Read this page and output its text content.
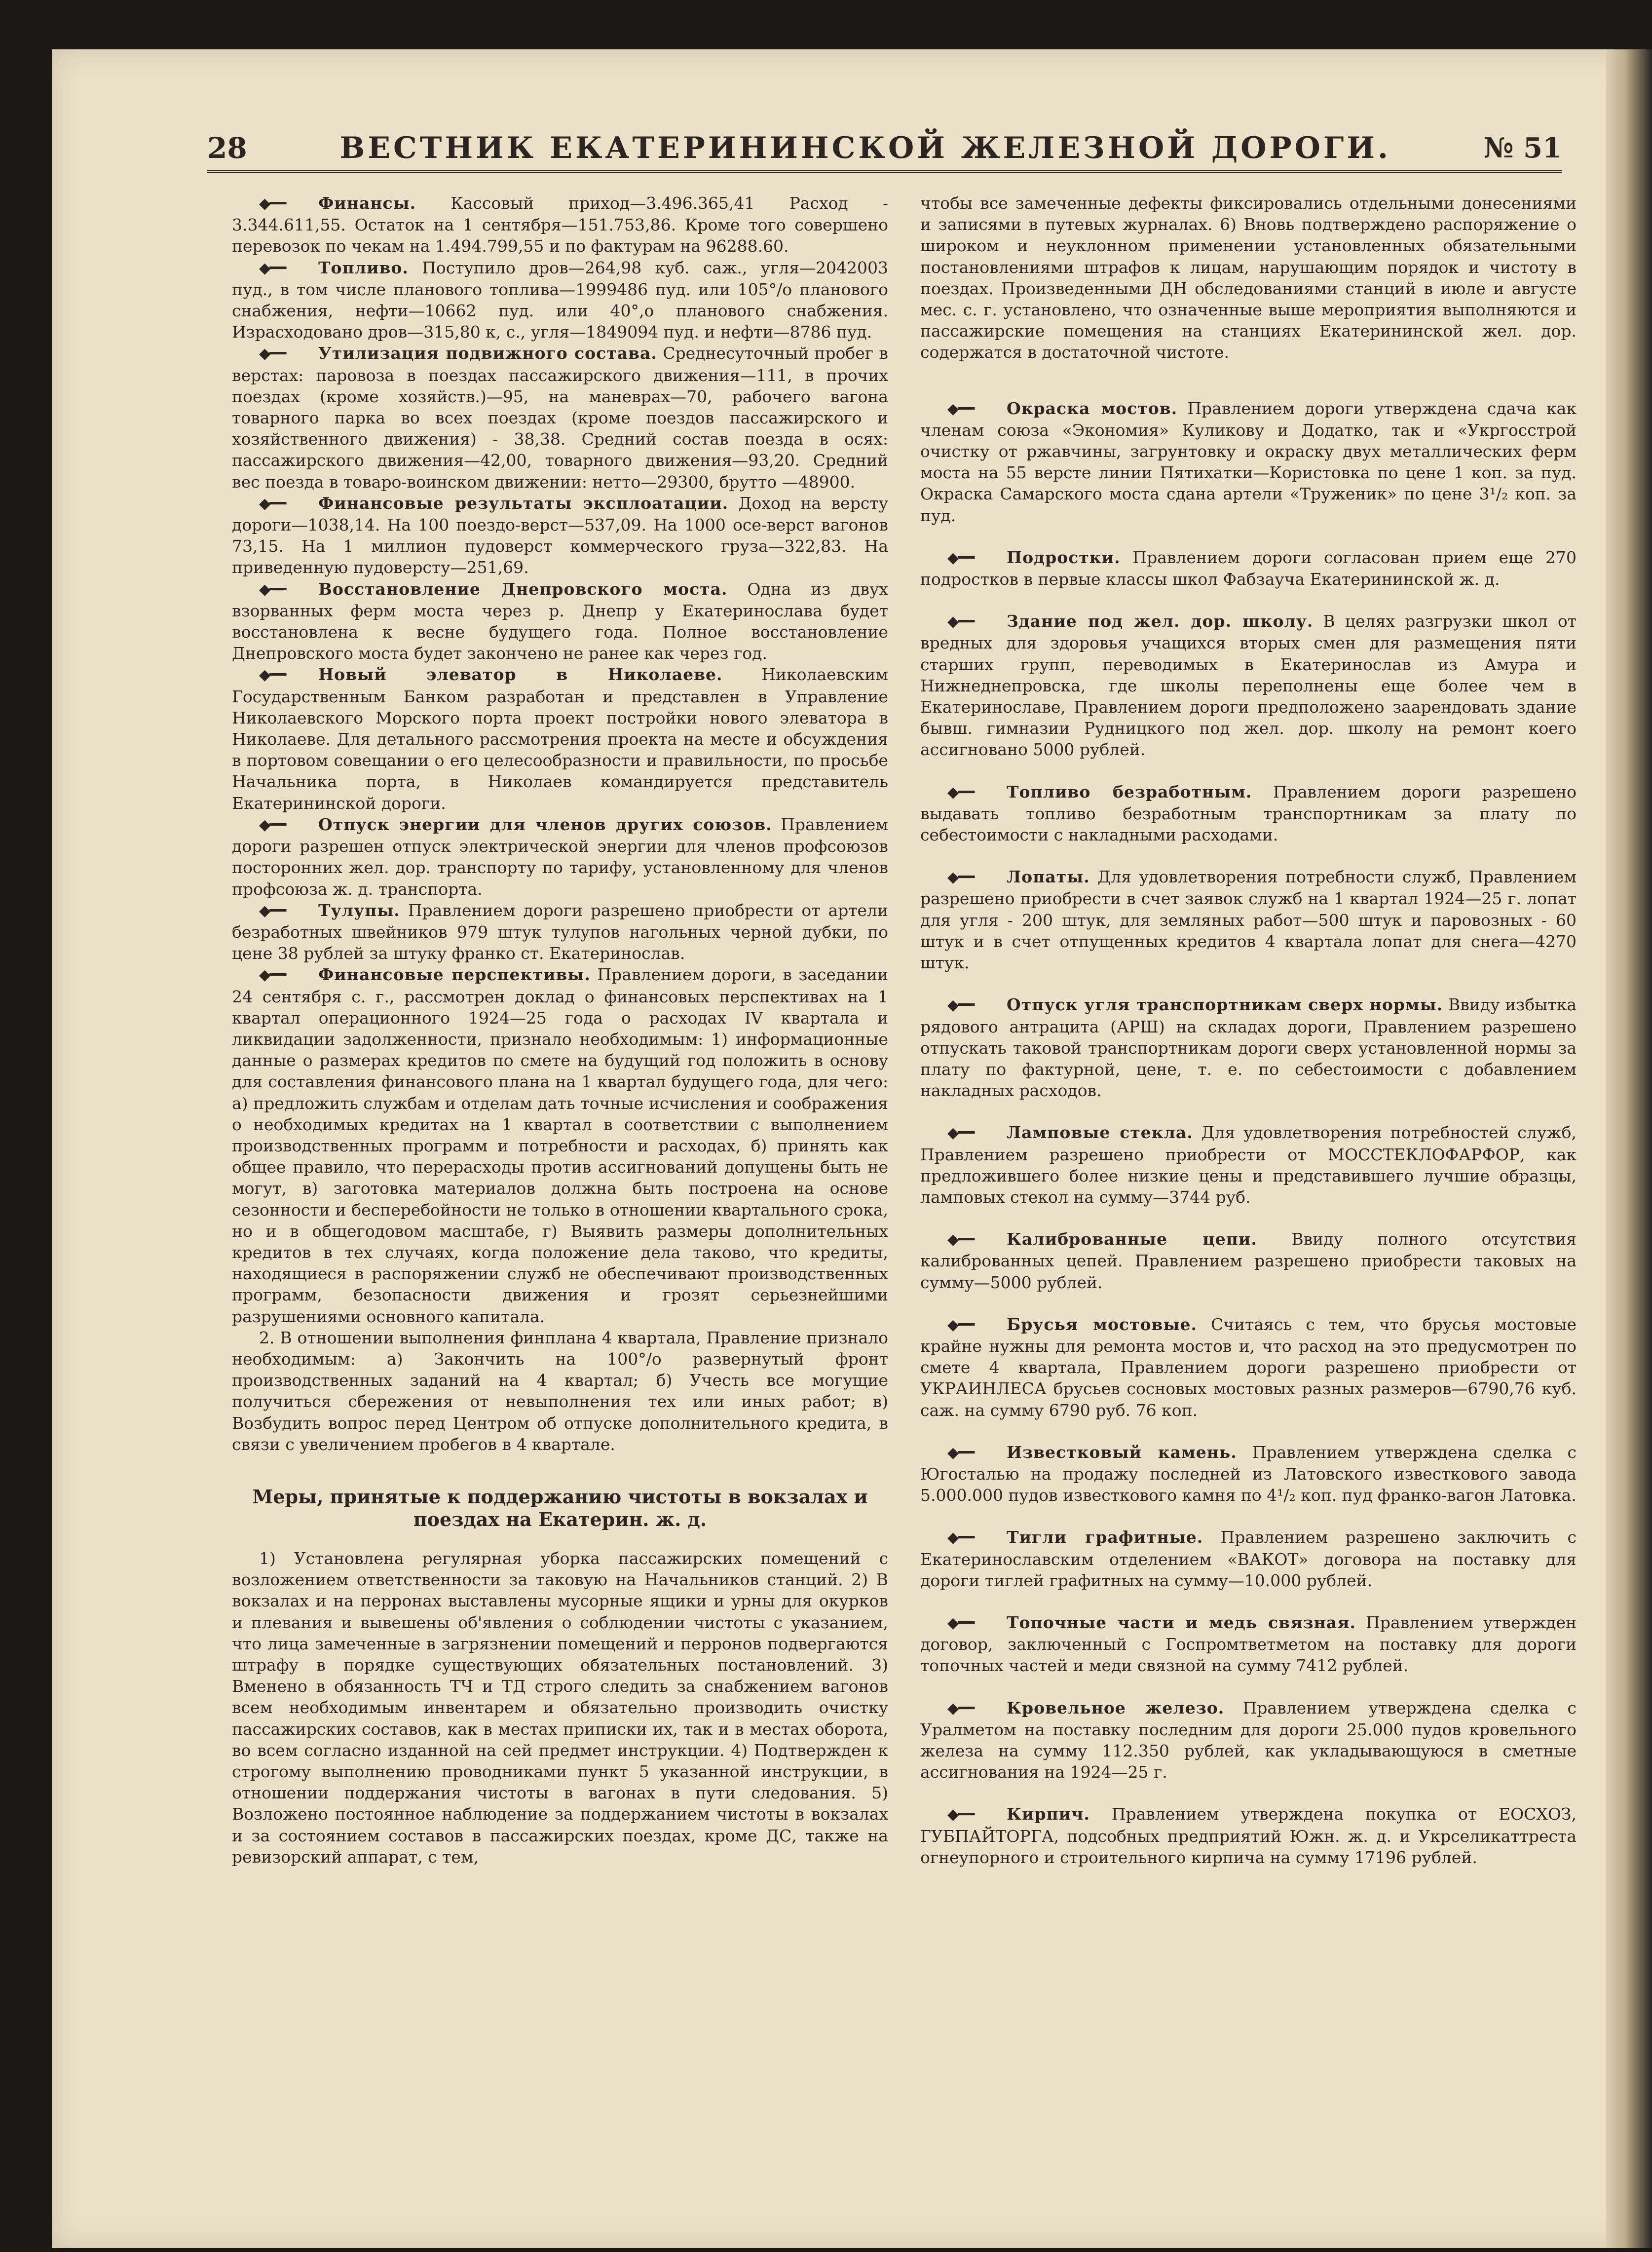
28	ВЕСТНИК ЕКАТЕРИНИНСКОЙ ЖЕЛЕЗНОЙ ДОРОГИ.	№ 51

◆━━ Финансы. Кассовый приход—3.496.365,41 Расход - 3.344.611,55. Остаток на 1 сентября—151.753,86. Кроме того совершено перевозок по чекам на 1.494.799,55 и по фактурам на 96288.60.

◆━━ Топливо. Поступило дров—264,98 куб. саж., угля—2042003 пуд., в том числе планового топлива—1999486 пуд. или 105°/о планового снабжения, нефти—10662 пуд. или 40°,о планового снабжения. Израсходовано дров—315,80 к, с., угля—1849094 пуд. и нефти—8786 пуд.

◆━━ Утилизация подвижного состава. Среднесуточный пробег в верстах: паровоза в поездах пассажирского движения—111, в прочих поездах (кроме хозяйств.)—95, на маневрах—70, рабочего вагона товарного парка во всех поездах (кроме поездов пассажирского и хозяйственного движения) - 38,38. Средний состав поезда в осях: пассажирского движения—42,00, товарного движения—93,20. Средний вес поезда в товаро-воинском движении: нетто—29300, брутто —48900.

◆━━ Финансовые результаты эксплоатации. Доход на версту дороги—1038,14. На 100 поездо-верст—537,09. На 1000 осе-верст вагонов 73,15. На 1 миллион пудоверст коммерческого груза—322,83. На приведенную пудоверсту—251,69.

◆━━ Восстановление Днепровского моста. Одна из двух взорванных ферм моста через р. Днепр у Екатеринослава будет восстановлена к весне будущего года. Полное восстановление Днепровского моста будет закончено не ранее как через год.

◆━━ Новый элеватор в Николаеве. Николаевским Государственным Банком разработан и представлен в Управление Николаевского Морского порта проект постройки нового элеватора в Николаеве. Для детального рассмотрения проекта на месте и обсуждения в портовом совещании о его целесообразности и правильности, по просьбе Начальника порта, в Николаев командируется представитель Екатерининской дороги.

◆━━ Отпуск энергии для членов других союзов. Правлением дороги разрешен отпуск электрической энергии для членов профсоюзов посторонних жел. дор. транспорту по тарифу, установленному для членов профсоюза ж. д. транспорта.

◆━━ Тулупы. Правлением дороги разрешено приобрести от артели безработных швейников 979 штук тулупов нагольных черной дубки, по цене 38 рублей за штуку франко ст. Екатеринослав.

◆━━ Финансовые перспективы. Правлением дороги, в заседании 24 сентября с. г., рассмотрен доклад о финансовых перспективах на 1 квартал операционного 1924—25 года о расходах IV квартала и ликвидации задолженности, признало необходимым: 1) информационные данные о размерах кредитов по смете на будущий год положить в основу для составления финансового плана на 1 квартал будущего года, для чего: а) предложить службам и отделам дать точные исчисления и соображения о необходимых кредитах на 1 квартал в соответствии с выполнением производственных программ и потребности и расходах, б) принять как общее правило, что перерасходы против ассигнований допущены быть не могут, в) заготовка материалов должна быть построена на основе сезонности и бесперебойности не только в отношении квартального срока, но и в общегодовом масштабе, г) Выявить размеры дополнительных кредитов в тех случаях, когда положение дела таково, что кредиты, находящиеся в распоряжении служб не обеспечивают производственных программ, безопасности движения и грозят серьезнейшими разрушениями основного капитала.

2. В отношении выполнения финплана 4 квартала, Правление признало необходимым: а) Закончить на 100°/о развернутый фронт производственных заданий на 4 квартал; б) Учесть все могущие получиться сбережения от невыполнения тех или иных работ; в) Возбудить вопрос перед Центром об отпуске дополнительного кредита, в связи с увеличением пробегов в 4 квартале.

Меры, принятые к поддержанию чистоты в вокзалах и поездах на Екатерин. ж. д.

1) Установлена регулярная уборка пассажирских помещений с возложением ответственности за таковую на Начальников станций. 2) В вокзалах и на перронах выставлены мусорные ящики и урны для окурков и плевания и вывешены об'явления о соблюдении чистоты с указанием, что лица замеченные в загрязнении помещений и перронов подвергаются штрафу в порядке существующих обязательных постановлений. 3) Вменено в обязанность ТЧ и ТД строго следить за снабжением вагонов всем необходимым инвентарем и обязательно производить очистку пассажирских составов, как в местах приписки их, так и в местах оборота, во всем согласно изданной на сей предмет инструкции. 4) Подтвержден к строгому выполнению проводниками пункт 5 указанной инструкции, в отношении поддержания чистоты в вагонах в пути следования. 5) Возложено постоянное наблюдение за поддержанием чистоты в вокзалах и за состоянием составов в пассажирских поездах, кроме ДС, также на ревизорский аппарат, с тем,

чтобы все замеченные дефекты фиксировались отдельными донесениями и записями в путевых журналах. 6) Вновь подтверждено распоряжение о широком и неуклонном применении установленных обязательными постановлениями штрафов к лицам, нарушающим порядок и чистоту в поездах. Произведенными ДН обследованиями станций в июле и августе мес. с. г. установлено, что означенные выше мероприятия выполняются и пассажирские помещения на станциях Екатерининской жел. дор. содержатся в достаточной чистоте.

◆━━ Окраска мостов. Правлением дороги утверждена сдача как членам союза «Экономия» Куликову и Додатко, так и «Укргосстрой очистку от ржавчины, загрунтовку и окраску двух металлических ферм моста на 55 версте линии Пятихатки—Користовка по цене 1 коп. за пуд. Окраска Самарского моста сдана артели «Труженик» по цене 3¹/₂ коп. за пуд.

◆━━ Подростки. Правлением дороги согласован прием еще 270 подростков в первые классы школ Фабзауча Екатерининской ж. д.

◆━━ Здание под жел. дор. школу. В целях разгрузки школ от вредных для здоровья учащихся вторых смен для размещения пяти старших групп, переводимых в Екатеринослав из Амура и Нижнеднепровска, где школы переполнены еще более чем в Екатеринославе, Правлением дороги предположено заарендовать здание бывш. гимназии Рудницкого под жел. дор. школу на ремонт коего ассигновано 5000 рублей.

◆━━ Топливо безработным. Правлением дороги разрешено выдавать топливо безработным транспортникам за плату по себестоимости с накладными расходами.

◆━━ Лопаты. Для удовлетворения потребности служб, Правлением разрешено приобрести в счет заявок служб на 1 квартал 1924—25 г. лопат для угля - 200 штук, для земляных работ—500 штук и паровозных - 60 штук и в счет отпущенных кредитов 4 квартала лопат для снега—4270 штук.

◆━━ Отпуск угля транспортникам сверх нормы. Ввиду избытка рядового антрацита (АРШ) на складах дороги, Правлением разрешено отпускать таковой транспортникам дороги сверх установленной нормы за плату по фактурной, цене, т. е. по себестоимости с добавлением накладных расходов.

◆━━ Ламповые стекла. Для удовлетворения потребностей служб, Правлением разрешено приобрести от МОССТЕКЛОФАРФОР, как предложившего более низкие цены и представившего лучшие образцы, ламповых стекол на сумму—3744 руб.

◆━━ Калиброванные цепи. Ввиду полного отсутствия калиброванных цепей. Правлением разрешено приобрести таковых на сумму—5000 рублей.

◆━━ Брусья мостовые. Считаясь с тем, что брусья мостовые крайне нужны для ремонта мостов и, что расход на это предусмотрен по смете 4 квартала, Правлением дороги разрешено приобрести от УКРАИНЛЕСА брусьев сосновых мостовых разных размеров—6790,76 куб. саж. на сумму 6790 руб. 76 коп.

◆━━ Известковый камень. Правлением утверждена сделка с Югосталью на продажу последней из Латовского известкового завода 5.000.000 пудов известкового камня по 4¹/₂ коп. пуд франко-вагон Латовка.

◆━━ Тигли графитные. Правлением разрешено заключить с Екатеринославским отделением «ВАКОТ» договора на поставку для дороги тиглей графитных на сумму—10.000 рублей.

◆━━ Топочные части и медь связная. Правлением утвержден договор, заключенный с Госпромтветметом на поставку для дороги топочных частей и меди связной на сумму 7412 рублей.

◆━━ Кровельное железо. Правлением утверждена сделка с Уралметом на поставку последним для дороги 25.000 пудов кровельного железа на сумму 112.350 рублей, как укладывающуюся в сметные ассигнования на 1924—25 г.

◆━━ Кирпич. Правлением утверждена покупка от ЕОСХОЗ, ГУБПАЙТОРГА, подсобных предприятий Южн. ж. д. и Укрселикаттреста огнеупорного и строительного кирпича на сумму 17196 рублей.
